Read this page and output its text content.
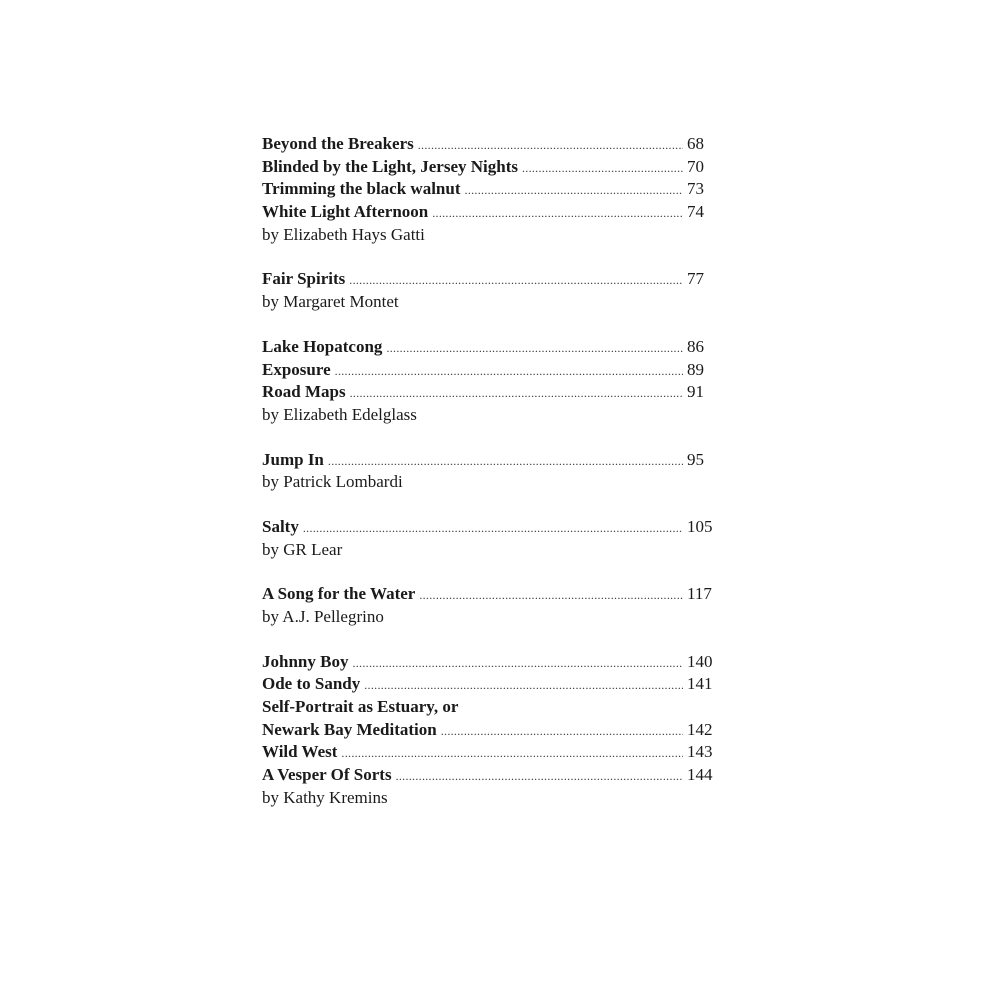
Beyond the Breakers .....	68
Blinded by the Light, Jersey Nights .....	70
Trimming the black walnut .....	73
White Light Afternoon .....	74
by Elizabeth Hays Gatti
Fair Spirits .....	77
by Margaret Montet
Lake Hopatcong .....	86
Exposure .....	89
Road Maps .....	91
by Elizabeth Edelglass
Jump In .....	95
by Patrick Lombardi
Salty .....	105
by GR Lear
A Song for the Water .....	117
by A.J. Pellegrino
Johnny Boy .....	140
Ode to Sandy .....	141
Self-Portrait as Estuary, or
Newark Bay Meditation .....	142
Wild West .....	143
A Vesper Of Sorts .....	144
by Kathy Kremins
